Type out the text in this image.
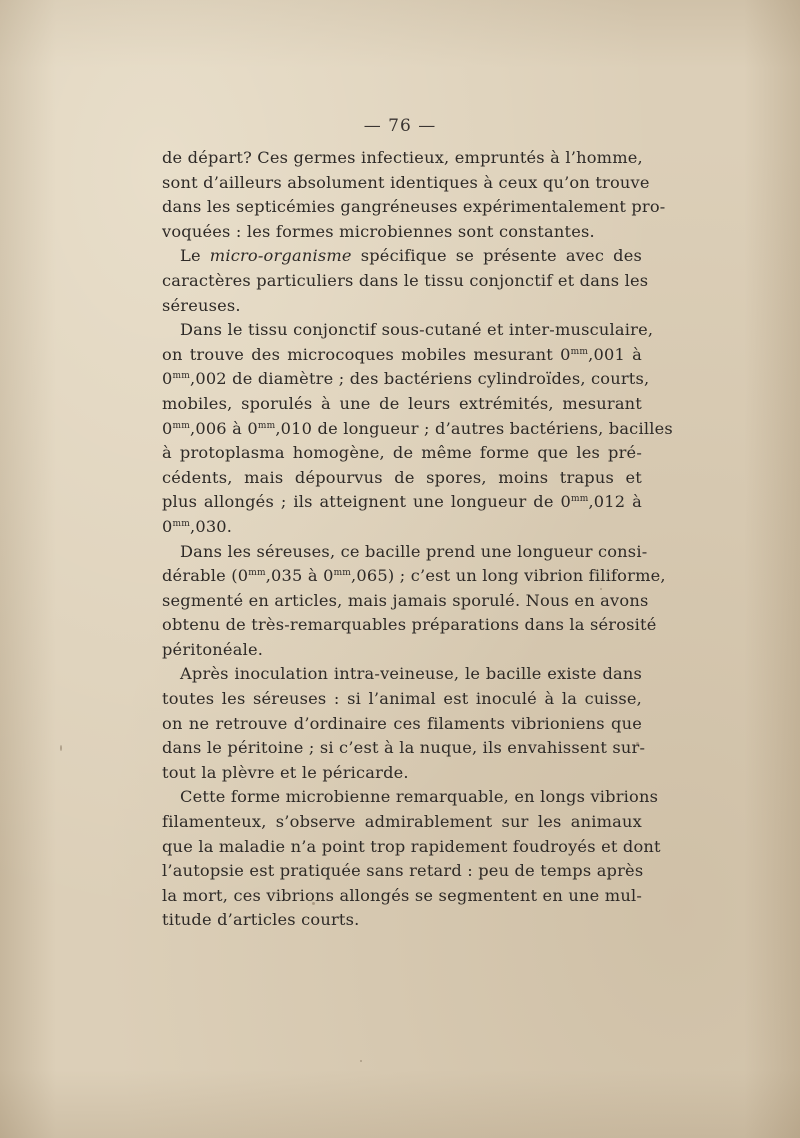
— 76 —
de départ? Ces germes infectieux, empruntés à l’homme,
sont d’ailleurs absolument identiques à ceux qu’on trouve
dans les septicémies gangréneuses expérimentalement pro-
voquées : les formes microbiennes sont constantes.
Le micro-organisme spécifique se présente avec des
caractères particuliers dans le tissu conjonctif et dans les
séreuses.
Dans le tissu conjonctif sous-cutané et inter-musculaire,
on trouve des microcoques mobiles mesurant $0^{mm},001$ à
$0^{mm},002$ de diamètre ; des bactériens cylindroïdes, courts,
mobiles, sporulés à une de leurs extrémités, mesurant
$0^{mm},006$ à $0^{mm},010$ de longueur ; d’autres bactériens, bacilles
à protoplasma homogène, de même forme que les pré-
cédents, mais dépourvus de spores, moins trapus et
plus allongés ; ils atteignent une longueur de $0^{mm},012$ à
$0^{mm},030$.
Dans les séreuses, ce bacille prend une longueur consi-
dérable ($0^{mm},035$ à $0^{mm},065$) ; c’est un long vibrion filiforme,
segmenté en articles, mais jamais sporulé. Nous en avons
obtenu de très-remarquables préparations dans la sérosité
péritonéale.
Après inoculation intra-veineuse, le bacille existe dans
toutes les séreuses : si l’animal est inoculé à la cuisse,
on ne retrouve d’ordinaire ces filaments vibrioniens que
dans le péritoine ; si c’est à la nuque, ils envahissent sur-
tout la plèvre et le péricarde.
Cette forme microbienne remarquable, en longs vibrions
filamenteux, s’observe admirablement sur les animaux
que la maladie n’a point trop rapidement foudroyés et dont
l’autopsie est pratiquée sans retard : peu de temps après
la mort, ces vibrions allongés se segmentent en une mul-
titude d’articles courts.
